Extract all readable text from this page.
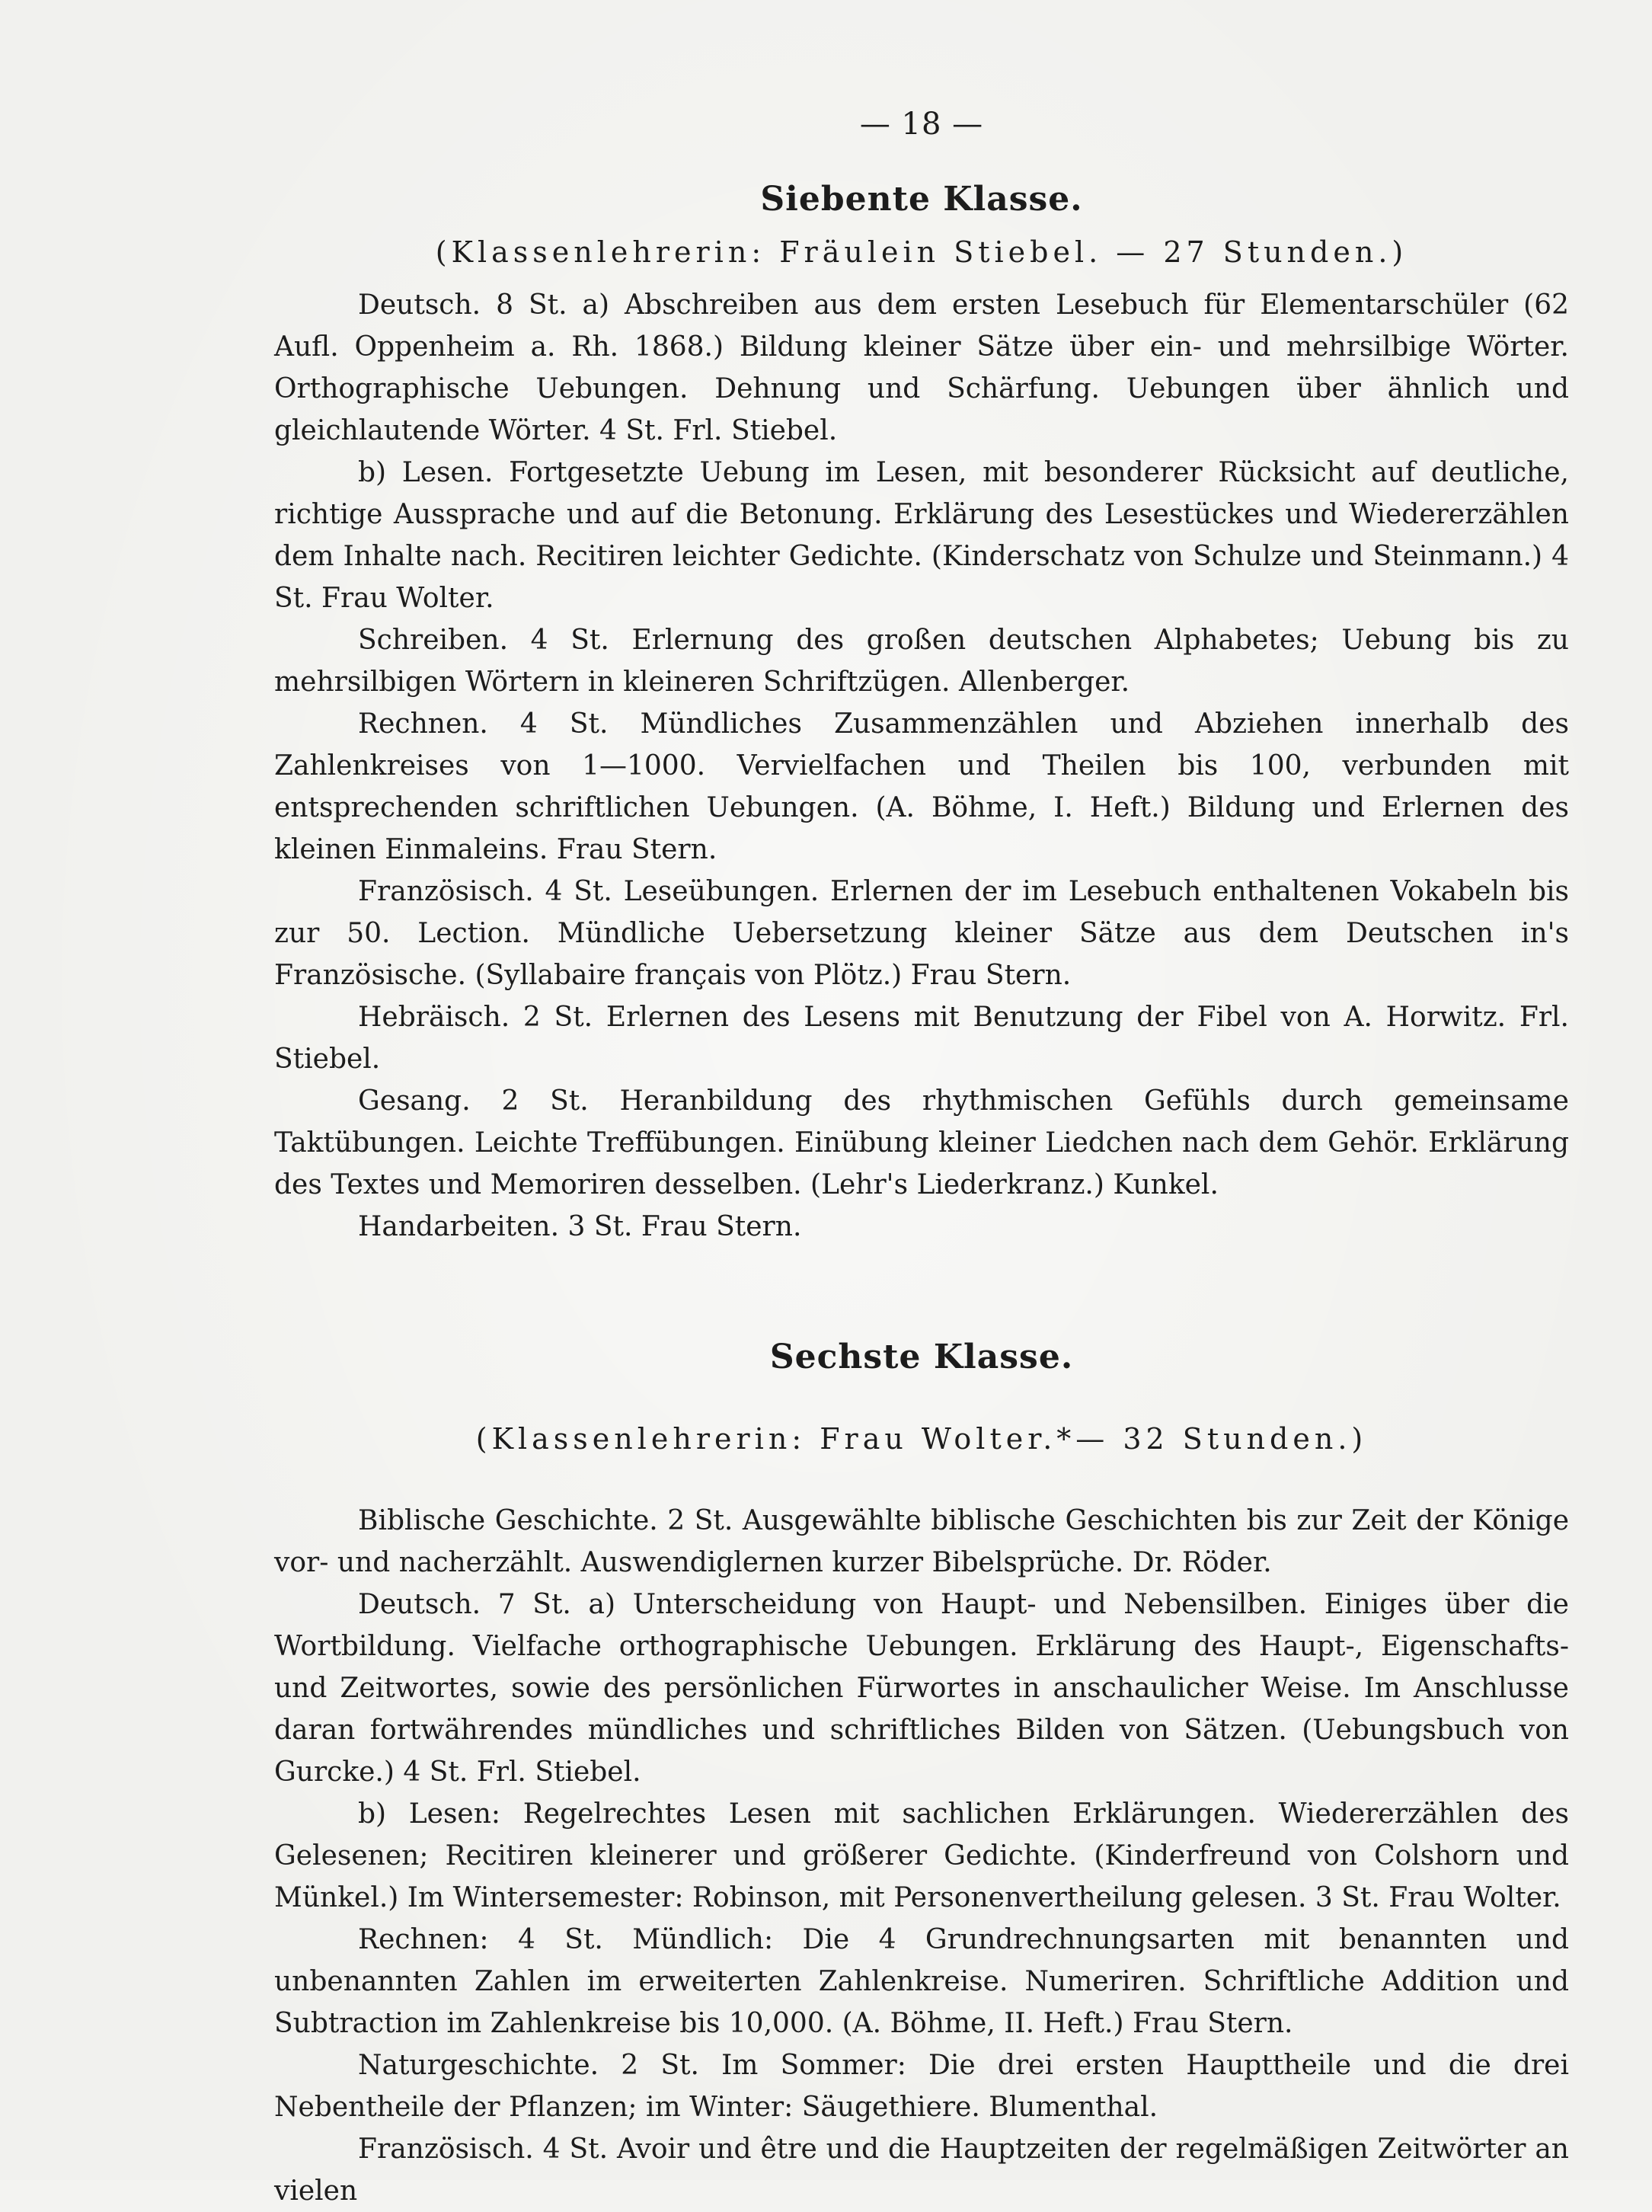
— 18 —
Siebente Klasse.
(Klassenlehrerin: Fräulein Stiebel. — 27 Stunden.)

Deutsch. 8 St. a) Abschreiben aus dem ersten Lesebuch für Elementarschüler (62 Aufl. Oppenheim a. Rh. 1868.) Bildung kleiner Sätze über ein- und mehrsilbige Wörter. Orthographische Uebungen. Dehnung und Schärfung. Uebungen über ähnlich und gleichlautende Wörter. 4 St. Frl. Stiebel.

b) Lesen. Fortgesetzte Uebung im Lesen, mit besonderer Rücksicht auf deutliche, richtige Aussprache und auf die Betonung. Erklärung des Lesestückes und Wiedererzählen dem Inhalte nach. Recitiren leichter Gedichte. (Kinderschatz von Schulze und Steinmann.) 4 St. Frau Wolter.

Schreiben. 4 St. Erlernung des großen deutschen Alphabetes; Uebung bis zu mehrsilbigen Wörtern in kleineren Schriftzügen. Allenberger.

Rechnen. 4 St. Mündliches Zusammenzählen und Abziehen innerhalb des Zahlenkreises von 1—1000. Vervielfachen und Theilen bis 100, verbunden mit entsprechenden schriftlichen Uebungen. (A. Böhme, I. Heft.) Bildung und Erlernen des kleinen Einmaleins. Frau Stern.

Französisch. 4 St. Leseübungen. Erlernen der im Lesebuch enthaltenen Vokabeln bis zur 50. Lection. Mündliche Uebersetzung kleiner Sätze aus dem Deutschen in's Französische. (Syllabaire français von Plötz.) Frau Stern.

Hebräisch. 2 St. Erlernen des Lesens mit Benutzung der Fibel von A. Horwitz. Frl. Stiebel.

Gesang. 2 St. Heranbildung des rhythmischen Gefühls durch gemeinsame Taktübungen. Leichte Treffübungen. Einübung kleiner Liedchen nach dem Gehör. Erklärung des Textes und Memoriren desselben. (Lehr's Liederkranz.) Kunkel.

Handarbeiten. 3 St. Frau Stern.

Sechste Klasse.
(Klassenlehrerin: Frau Wolter.*— 32 Stunden.)

Biblische Geschichte. 2 St. Ausgewählte biblische Geschichten bis zur Zeit der Könige vor- und nacherzählt. Auswendiglernen kurzer Bibelsprüche. Dr. Röder.

Deutsch. 7 St. a) Unterscheidung von Haupt- und Nebensilben. Einiges über die Wortbildung. Vielfache orthographische Uebungen. Erklärung des Haupt-, Eigenschafts- und Zeitwortes, sowie des persönlichen Fürwortes in anschaulicher Weise. Im Anschlusse daran fortwährendes mündliches und schriftliches Bilden von Sätzen. (Uebungsbuch von Gurcke.) 4 St. Frl. Stiebel.

b) Lesen: Regelrechtes Lesen mit sachlichen Erklärungen. Wiedererzählen des Gelesenen; Recitiren kleinerer und größerer Gedichte. (Kinderfreund von Colshorn und Münkel.) Im Wintersemester: Robinson, mit Personenvertheilung gelesen. 3 St. Frau Wolter.

Rechnen: 4 St. Mündlich: Die 4 Grundrechnungsarten mit benannten und unbenannten Zahlen im erweiterten Zahlenkreise. Numeriren. Schriftliche Addition und Subtraction im Zahlenkreise bis 10,000. (A. Böhme, II. Heft.) Frau Stern.

Naturgeschichte. 2 St. Im Sommer: Die drei ersten Haupttheile und die drei Nebentheile der Pflanzen; im Winter: Säugethiere. Blumenthal.

Französisch. 4 St. Avoir und être und die Hauptzeiten der regelmäßigen Zeitwörter an vielen
